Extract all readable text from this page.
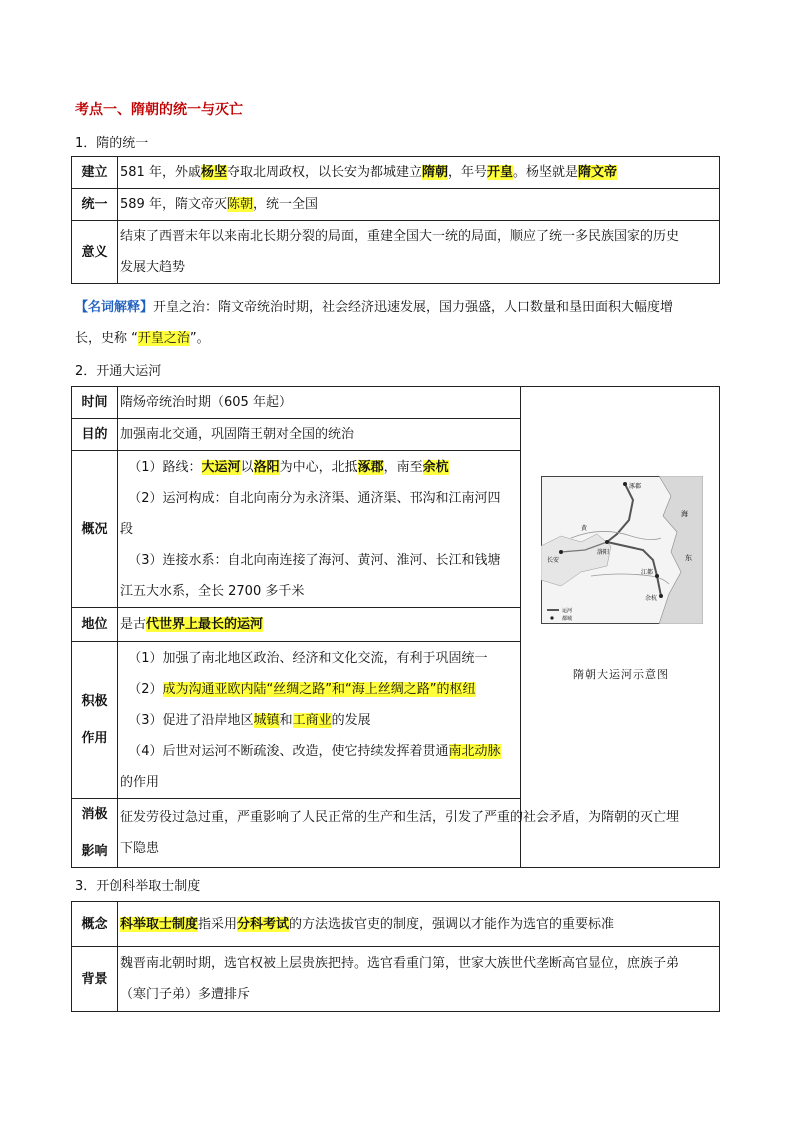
考点一、隋朝的统一与灭亡
1．隋的统一
建立	581 年，外戚杨坚夺取北周政权，以长安为都城建立隋朝，年号开皇。杨坚就是隋文帝
统一	589 年，隋文帝灭陈朝，统一全国
意义	结束了西晋末年以来南北长期分裂的局面，重建全国大一统的局面，顺应了统一多民族国家的历史
发展大趋势
【名词解释】开皇之治：隋文帝统治时期，社会经济迅速发展，国力强盛，人口数量和垦田面积大幅度增
长，史称 “开皇之治”。
2．开通大运河
时间	隋炀帝统治时期（605 年起）	
目的	加强南北交通，巩固隋王朝对全国的统治	
概况	（1）路线：大运河以洛阳为中心，北抵涿郡，南至余杭
（2）运河构成：自北向南分为永济渠、通济渠、邗沟和江南河四
段
（3）连接水系：自北向南连接了海河、黄河、淮河、长江和钱塘
江五大水系，全长 2700 多千米	

地位	是古代世界上最长的运河	

积极
作用	（1）加强了南北地区政治、经济和文化交流，有利于巩固统一
（2）成为沟通亚欧内陆“丝绸之路”和“海上丝绸之路”的枢纽
（3）促进了沿岸地区城镇和工商业的发展
（4）后世对运河不断疏浚、改造，使它持续发挥着贯通南北动脉
的作用	

消极
影响	征发劳役过急过重，严重影响了人民正常的生产和生活，引发了严重的社会矛盾，为隋朝的灭亡埋
下隐患	
涿郡
洛阳
长安
江都
余杭
海
东
黄
运河
都城
隋朝大运河示意图
3．开创科举取士制度
概念	科举取士制度指采用分科考试的方法选拔官吏的制度，强调以才能作为选官的重要标准
背景	魏晋南北朝时期，选官权被上层贵族把持。选官看重门第，世家大族世代垄断高官显位，庶族子弟
（寒门子弟）多遭排斥
